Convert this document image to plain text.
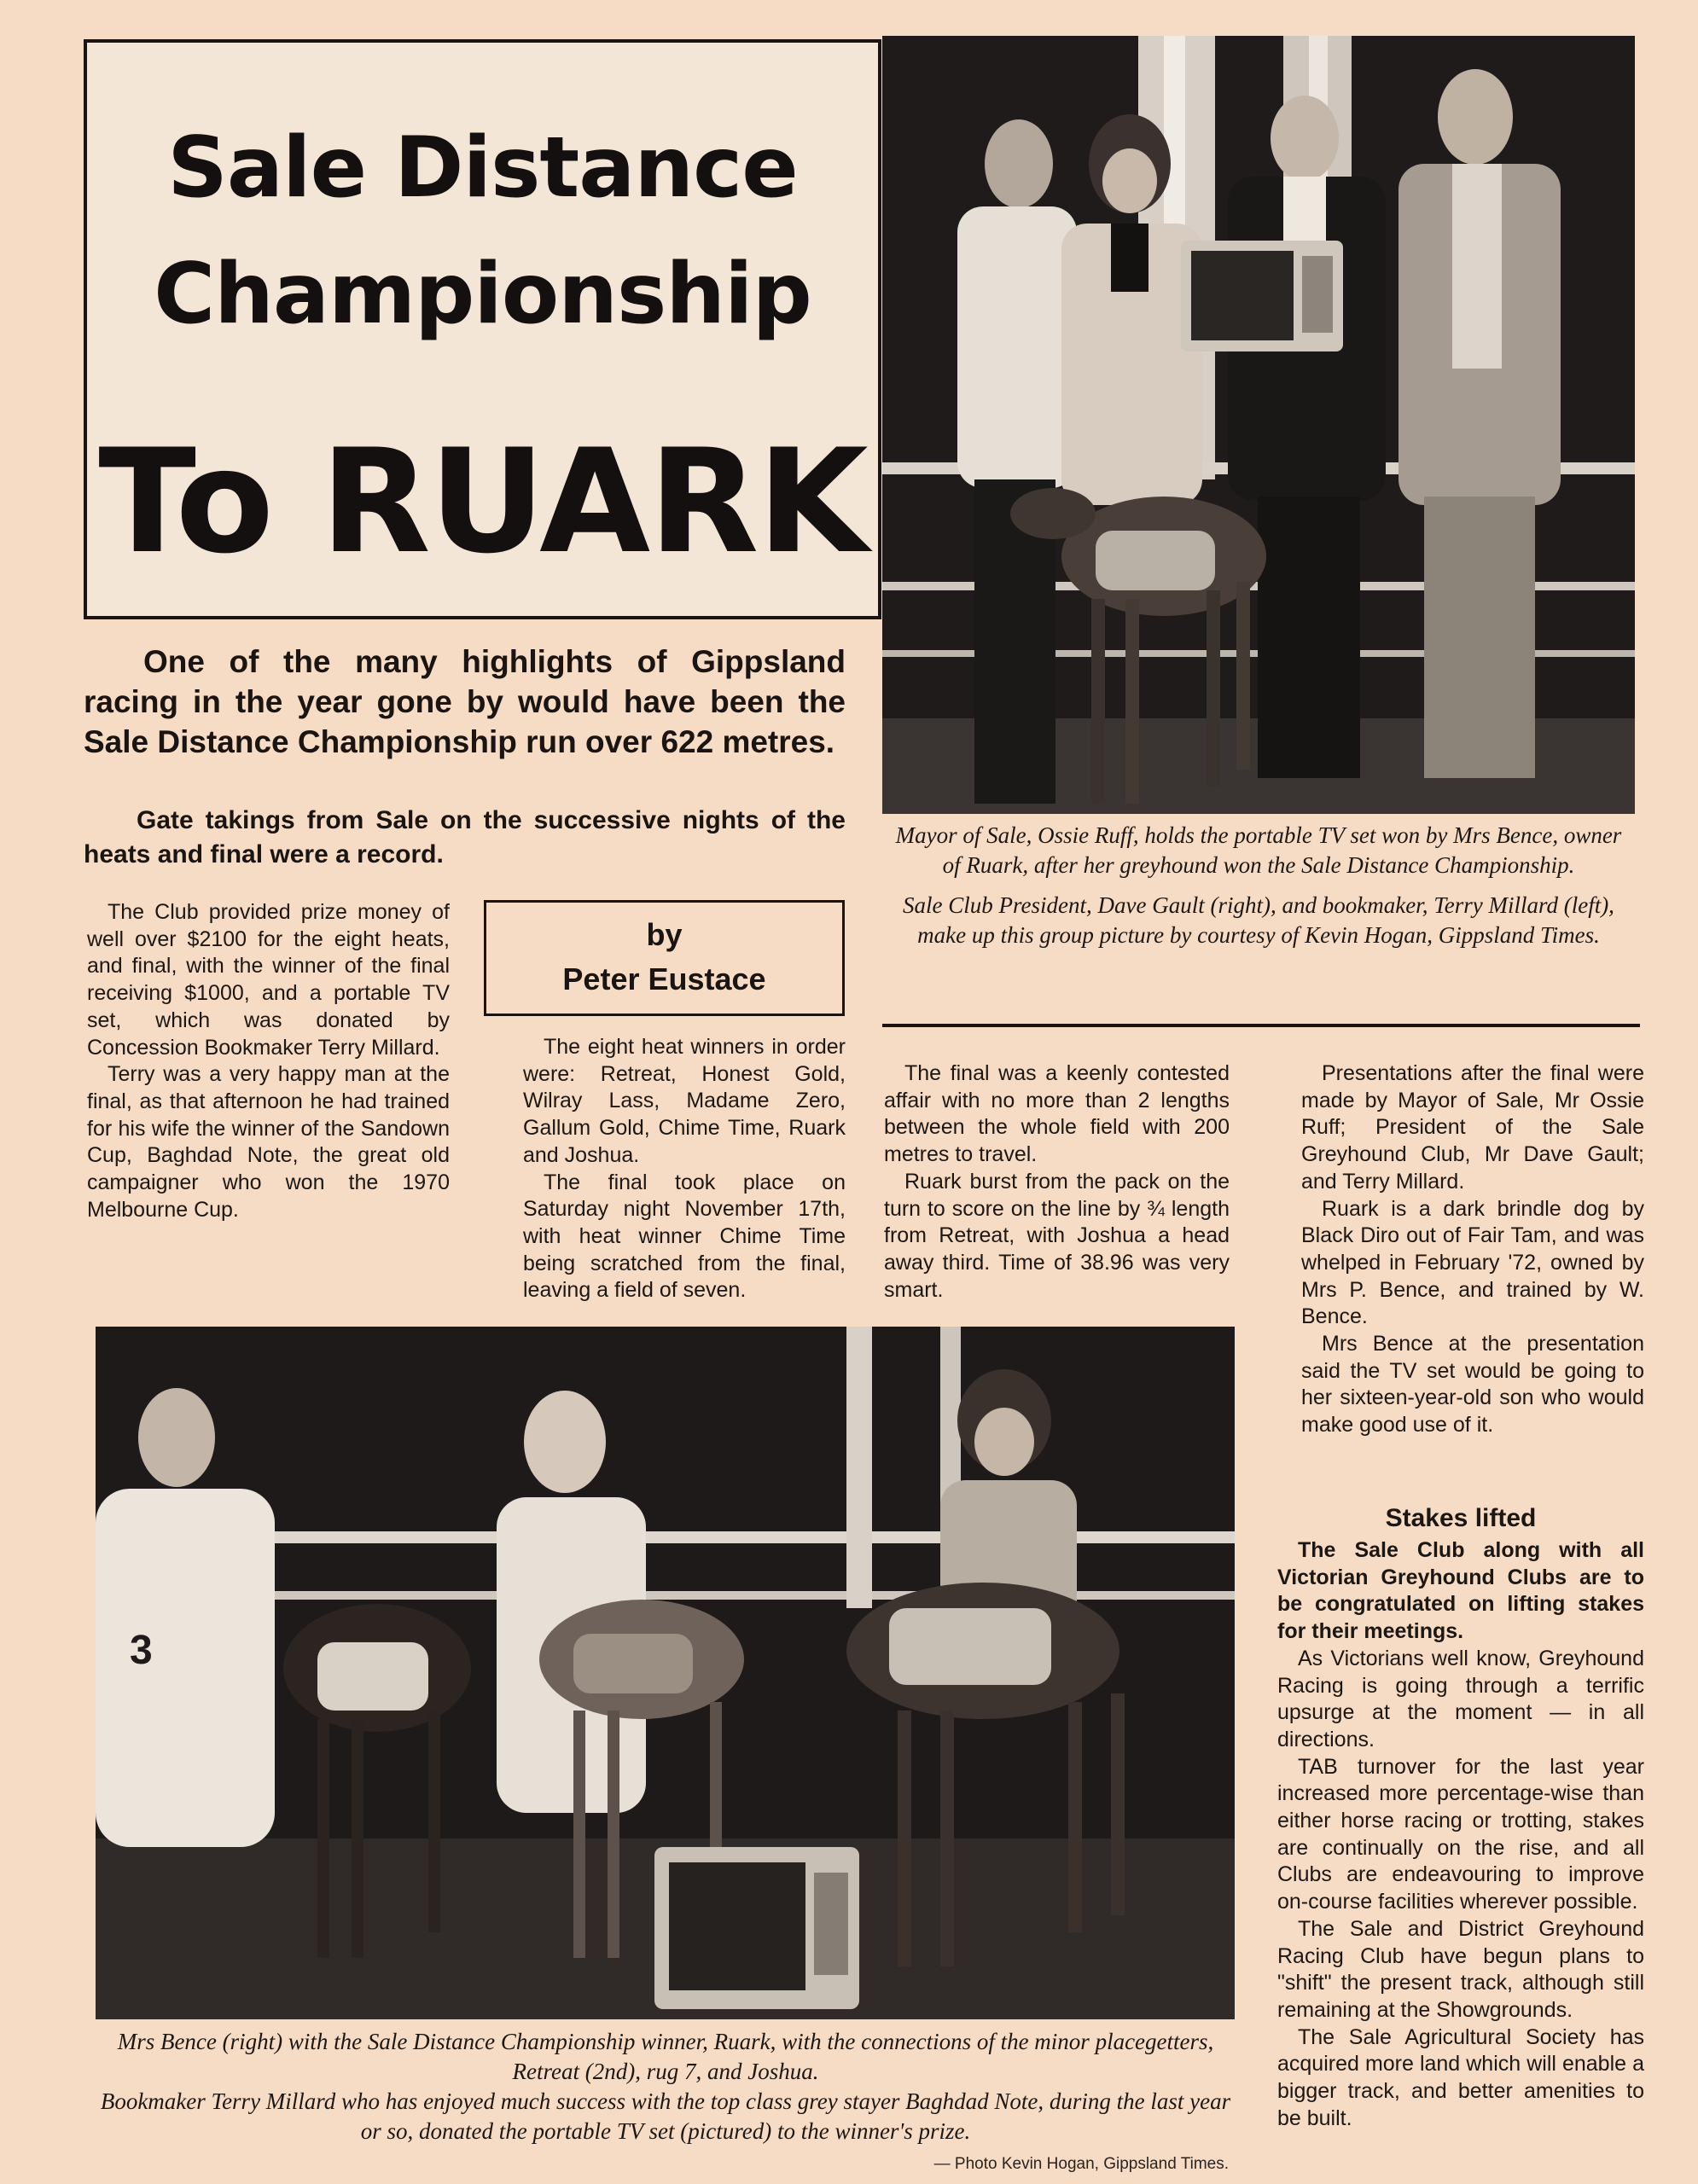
Sale Distance
Championship
To RUARK

Mayor of Sale, Ossie Ruff, holds the portable TV set won by Mrs Bence, owner of Ruark, after her greyhound won the Sale Distance Championship.

Sale Club President, Dave Gault (right), and bookmaker, Terry Millard (left), make up this group picture by courtesy of Kevin Hogan, Gippsland Times.

One of the many highlights of Gippsland racing in the year gone by would have been the Sale Distance Championship run over 622 metres.

Gate takings from Sale on the successive nights of the heats and final were a record.

by
Peter Eustace

The Club provided prize money of well over $2100 for the eight heats, and final, with the winner of the final receiving $1000, and a portable TV set, which was donated by Concession Bookmaker Terry Millard.

Terry was a very happy man at the final, as that afternoon he had trained for his wife the winner of the Sandown Cup, Baghdad Note, the great old campaigner who won the 1970 Melbourne Cup.

The eight heat winners in order were: Retreat, Honest Gold, Wilray Lass, Madame Zero, Gallum Gold, Chime Time, Ruark and Joshua.

The final took place on Saturday night November 17th, with heat winner Chime Time being scratched from the final, leaving a field of seven.

The final was a keenly contested affair with no more than 2 lengths between the whole field with 200 metres to travel.

Ruark burst from the pack on the turn to score on the line by ¾ length from Retreat, with Joshua a head away third. Time of 38.96 was very smart.

Presentations after the final were made by Mayor of Sale, Mr Ossie Ruff; President of the Sale Greyhound Club, Mr Dave Gault; and Terry Millard.

Ruark is a dark brindle dog by Black Diro out of Fair Tam, and was whelped in February '72, owned by Mrs P. Bence, and trained by W. Bence.

Mrs Bence at the presentation said the TV set would be going to her sixteen-year-old son who would make good use of it.

Stakes lifted

The Sale Club along with all Victorian Greyhound Clubs are to be congratulated on lifting stakes for their meetings.

As Victorians well know, Greyhound Racing is going through a terrific upsurge at the moment — in all directions.

TAB turnover for the last year increased more percentage-wise than either horse racing or trotting, stakes are continually on the rise, and all Clubs are endeavouring to improve on-course facilities wherever possible.

The Sale and District Greyhound Racing Club have begun plans to "shift" the present track, although still remaining at the Showgrounds.

The Sale Agricultural Society has acquired more land which will enable a bigger track, and better amenities to be built.

3

Mrs Bence (right) with the Sale Distance Championship winner, Ruark, with the connections of the minor placegetters, Retreat (2nd), rug 7, and Joshua.

Bookmaker Terry Millard who has enjoyed much success with the top class grey stayer Baghdad Note, during the last year or so, donated the portable TV set (pictured) to the winner's prize.

— Photo Kevin Hogan, Gippsland Times.
